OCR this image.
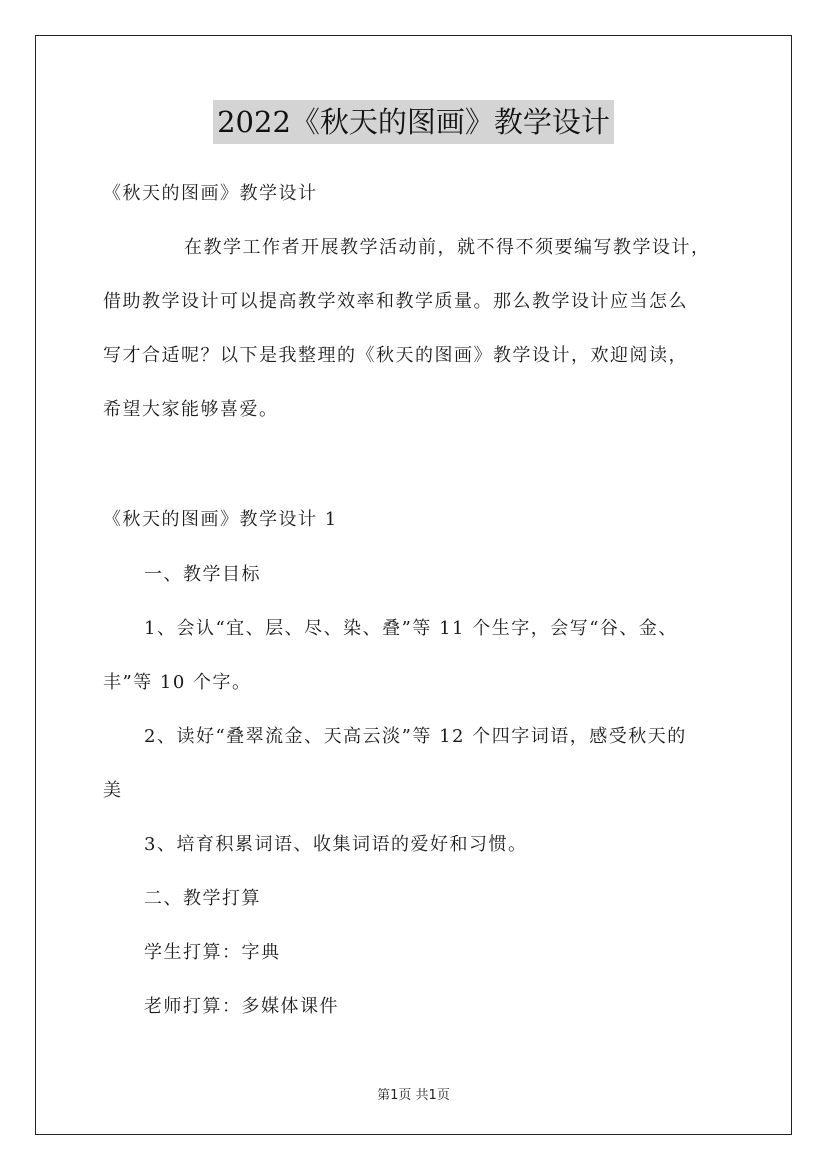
2022《秋天的图画》教学设计
《秋天的图画》教学设计
在教学工作者开展教学活动前，就不得不须要编写教学设计，
借助教学设计可以提高教学效率和教学质量。那么教学设计应当怎么
写才合适呢？以下是我整理的《秋天的图画》教学设计，欢迎阅读，
希望大家能够喜爱。
《秋天的图画》教学设计 1
一、教学目标
1、会认“宜、层、尽、染、叠”等 11 个生字，会写“谷、金、
丰”等 10 个字。
2、读好“叠翠流金、天高云淡”等 12 个四字词语，感受秋天的
美
3、培育积累词语、收集词语的爱好和习惯。
二、教学打算
学生打算：字典
老师打算：多媒体课件
第1页 共1页
